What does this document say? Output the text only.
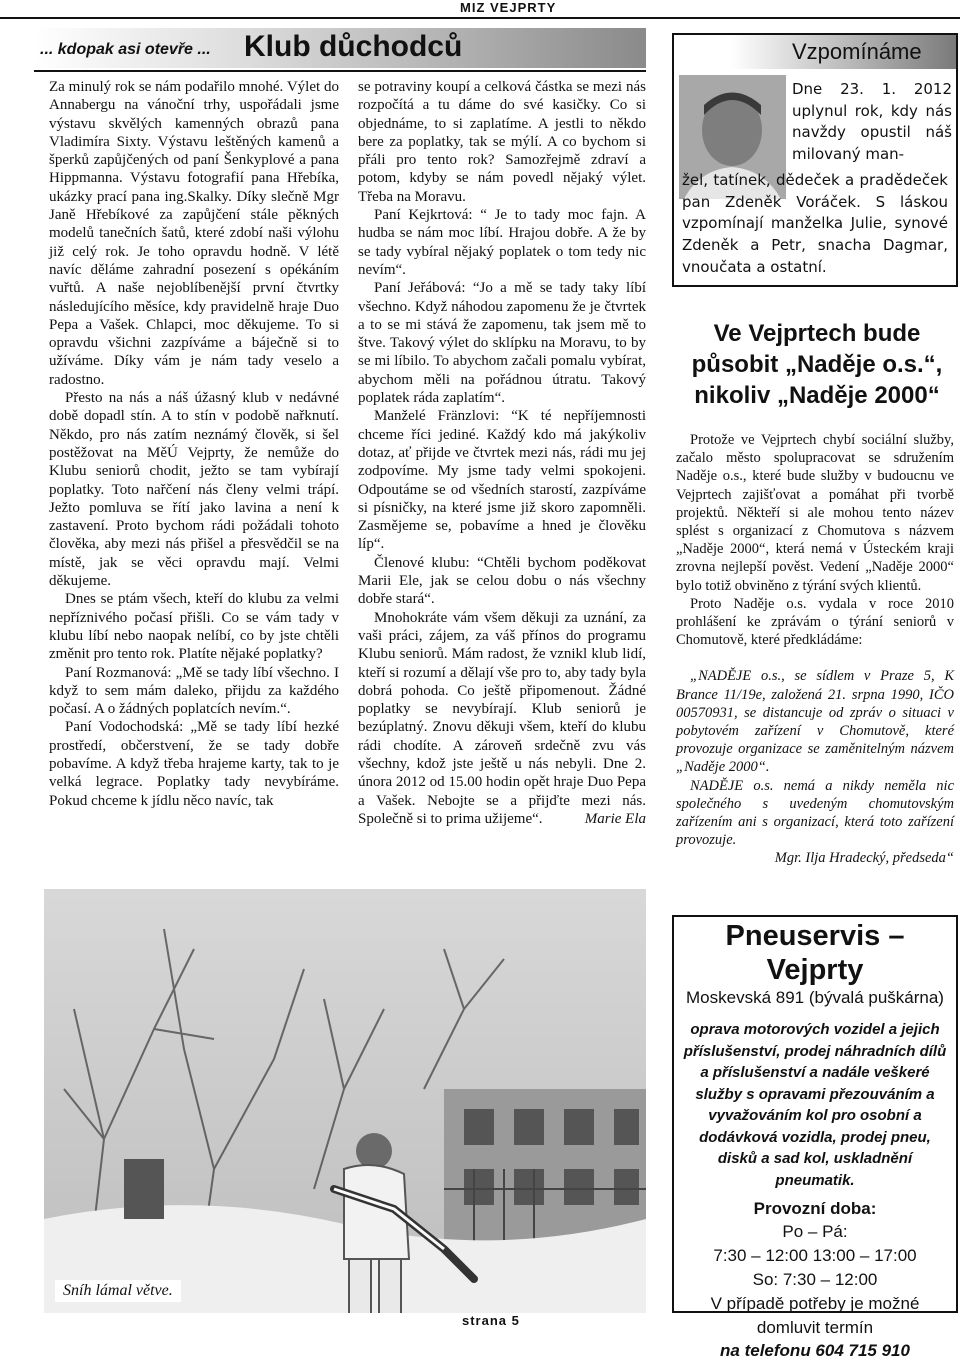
MIZ VEJPRTY
... kdopak asi otevře ... Klub důchodců

Za minulý rok se nám podařilo mnohé. Výlet do Annabergu na vánoční trhy, uspořádali jsme výstavu skvělých kamenných obrazů pana Vladimíra Sixty. Výstavu leštěných kamenů a šperků zapůjčených od paní Šenkyplové a pana Hippmanna. Výstavu fotografií pana Hřebíka, ukázky prací pana ing.Skalky. Díky slečně Mgr Janě Hřebíkové za zapůjčení stále pěkných modelů tanečních šatů, které zdobí naši výlohu již celý rok. Je toho opravdu hodně. V létě navíc děláme zahradní posezení s opékáním vuřtů. A naše nejoblíbenější první čtvrtky následujícího měsíce, kdy pravidelně hraje Duo Pepa a Vašek. Chlapci, moc děkujeme. To si opravdu všichni zazpíváme a báječně si to užíváme. Díky vám je nám tady veselo a radostno.

Přesto na nás a náš úžasný klub v nedávné době dopadl stín. A to stín v podobě nařknutí. Někdo, pro nás zatím neznámý člověk, si šel postěžovat na MěÚ Vejprty, že nemůže do Klubu seniorů chodit, ježto se tam vybírají poplatky. Toto nařčení nás členy velmi trápí. Ježto pomluva se řítí jako lavina a není k zastavení. Proto bychom rádi požádali tohoto člověka, aby mezi nás přišel a přesvědčil se na místě, jak se věci opravdu mají. Velmi děkujeme.

Dnes se ptám všech, kteří do klubu za velmi nepříznivého počasí přišli. Co se vám tady v klubu líbí nebo naopak nelíbí, co by jste chtěli změnit pro tento rok. Platíte nějaké poplatky?

Paní Rozmanová: „Mě se tady líbí všechno. I když to sem mám daleko, přijdu za každého počasí. A o žádných poplatcích nevím.“.

Paní Vodochodská: „Mě se tady líbí hezké prostředí, občerstvení, že se tady dobře pobavíme. A když třeba hrajeme karty, tak to je velká legrace. Poplatky tady nevybíráme. Pokud chceme k jídlu něco navíc, tak

se potraviny koupí a celková částka se mezi nás rozpočítá a tu dáme do své kasičky. Co si objednáme, to si zaplatíme. A jestli to někdo bere za poplatky, tak se mýlí. A co bychom si přáli pro tento rok? Samozřejmě zdraví a potom, kdyby se nám povedl nějaký výlet. Třeba na Moravu.

Paní Kejkrtová: “ Je to tady moc fajn. A hudba se nám moc líbí. Hrajou dobře. A že by se tady vybíral nějaký poplatek o tom tedy nic nevím“.

Paní Jeřábová: “Jo a mě se tady taky líbí všechno. Když náhodou zapomenu že je čtvrtek a to se mi stává že zapomenu, tak jsem mě to štve. Takový výlet do sklípku na Moravu, to by se mi líbilo. To abychom začali pomalu vybírat, abychom měli na pořádnou útratu. Takový poplatek ráda zaplatím“.

Manželé Fränzlovi: “K té nepříjemnosti chceme říci jediné. Každý kdo má jakýkoliv dotaz, ať přijde ve čtvrtek mezi nás, rádi mu jej zodpovíme. My jsme tady velmi spokojeni. Odpoutáme se od všedních starostí, zazpíváme si písničky, na které jsme již skoro zapomněli. Zasmějeme se, pobavíme a hned je člověku líp“.

Členové klubu: “Chtěli bychom poděkovat Marii Ele, jak se celou dobu o nás všechny dobře stará“.

Mnohokráte vám všem děkuji za uznání, za vaši práci, zájem, za váš přínos do programu Klubu seniorů. Mám radost, že vznikl klub lidí, kteří si rozumí a dělají vše pro to, aby tady byla dobrá pohoda. Co ještě připomenout. Žádné poplatky se nevybírají. Klub seniorů je bezúplatný. Znovu děkuji všem, kteří do klubu rádi chodíte. A zároveň srdečně zvu vás všechny, kdož jste ještě u nás nebyli. Dne 2. února 2012 od 15.00 hodin opět hraje Duo Pepa a Vašek. Nebojte se a přijďte mezi nás. Společně si to prima užijeme“.	Marie Ela

Sníh lámal větve.
strana 5
Vzpomínáme
Dne 23. 1. 2012 uplynul rok, kdy nás navždy opustil náš milovaný man-
žel, tatínek, dědeček a pradědeček pan Zdeněk Voráček. S láskou vzpomínají manželka Julie, synové Zdeněk a Petr, snacha Dagmar, vnoučata a ostatní.
Ve Vejprtech bude
působit „Naděje o.s.“,
nikoliv „Naděje 2000“

Protože ve Vejprtech chybí sociální služby, začalo město spolupracovat se sdružením Naděje o.s., které bude služby v budoucnu ve Vejprtech zajišťovat a pomáhat při tvorbě projektů. Někteří si ale mohou tento název splést s organizací z Chomutova s názvem „Naděje 2000“, která nemá v Ústeckém kraji zrovna nejlepší pověst. Vedení „Naděje 2000“ bylo totiž obviněno z týrání svých klientů.

Proto Naděje o.s. vydala v roce 2010 prohlášení ke zprávám o týrání seniorů v Chomutově, které předkládáme:

„NADĚJE o.s., se sídlem v Praze 5, K Brance 11/19e, založená 21. srpna 1990, IČO 00570931, se distancuje od zpráv o situaci v pobytovém zařízení v Chomutově, které provozuje organizace se zaměnitelným názvem „Naděje 2000“.

NADĚJE o.s. nemá a nikdy neměla nic společného s uvedeným chomutovským zařízením ani s organizací, která toto zařízení provozuje.

Mgr. Ilja Hradecký, předseda“

Pneuservis – Vejprty
Moskevská 891 (bývalá puškárna)
oprava motorových vozidel a jejich příslušenství, prodej náhradních dílů a příslušenství a nadále veškeré služby s opravami přezouváním a vyvažováním kol pro osobní a dodávková vozidla, prodej pneu, disků a sad kol, uskladnění pneumatik.
Provozní doba:
Po – Pá:
7:30 – 12:00 13:00 – 17:00
So: 7:30 – 12:00
V případě potřeby je možné
domluvit termín
na telefonu 604 715 910
